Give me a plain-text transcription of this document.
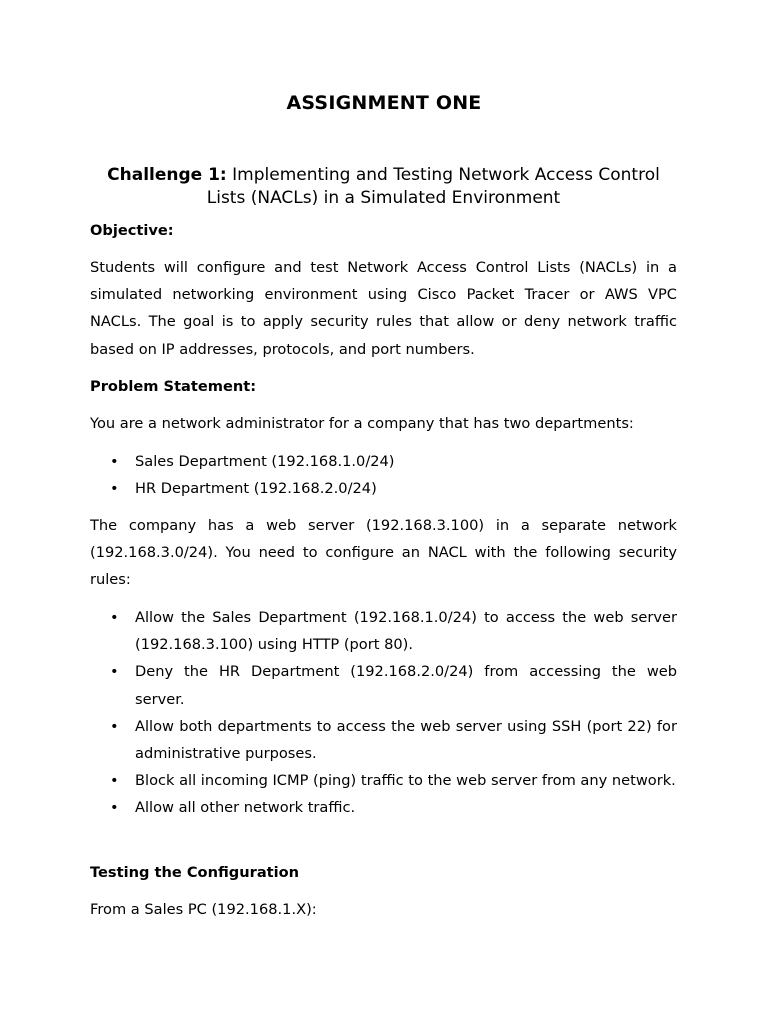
ASSIGNMENT ONE
Challenge 1: Implementing and Testing Network Access Control Lists (NACLs) in a Simulated Environment
Objective:
Students will configure and test Network Access Control Lists (NACLs) in a simulated networking environment using Cisco Packet Tracer or AWS VPC NACLs. The goal is to apply security rules that allow or deny network traffic based on IP addresses, protocols, and port numbers.
Problem Statement:
You are a network administrator for a company that has two departments:
• Sales Department (192.168.1.0/24)
• HR Department (192.168.2.0/24)
The company has a web server (192.168.3.100) in a separate network (192.168.3.0/24). You need to configure an NACL with the following security rules:
• Allow the Sales Department (192.168.1.0/24) to access the web server (192.168.3.100) using HTTP (port 80).
• Deny the HR Department (192.168.2.0/24) from accessing the web server.
• Allow both departments to access the web server using SSH (port 22) for administrative purposes.
• Block all incoming ICMP (ping) traffic to the web server from any network.
• Allow all other network traffic.
Testing the Configuration
From a Sales PC (192.168.1.X):
